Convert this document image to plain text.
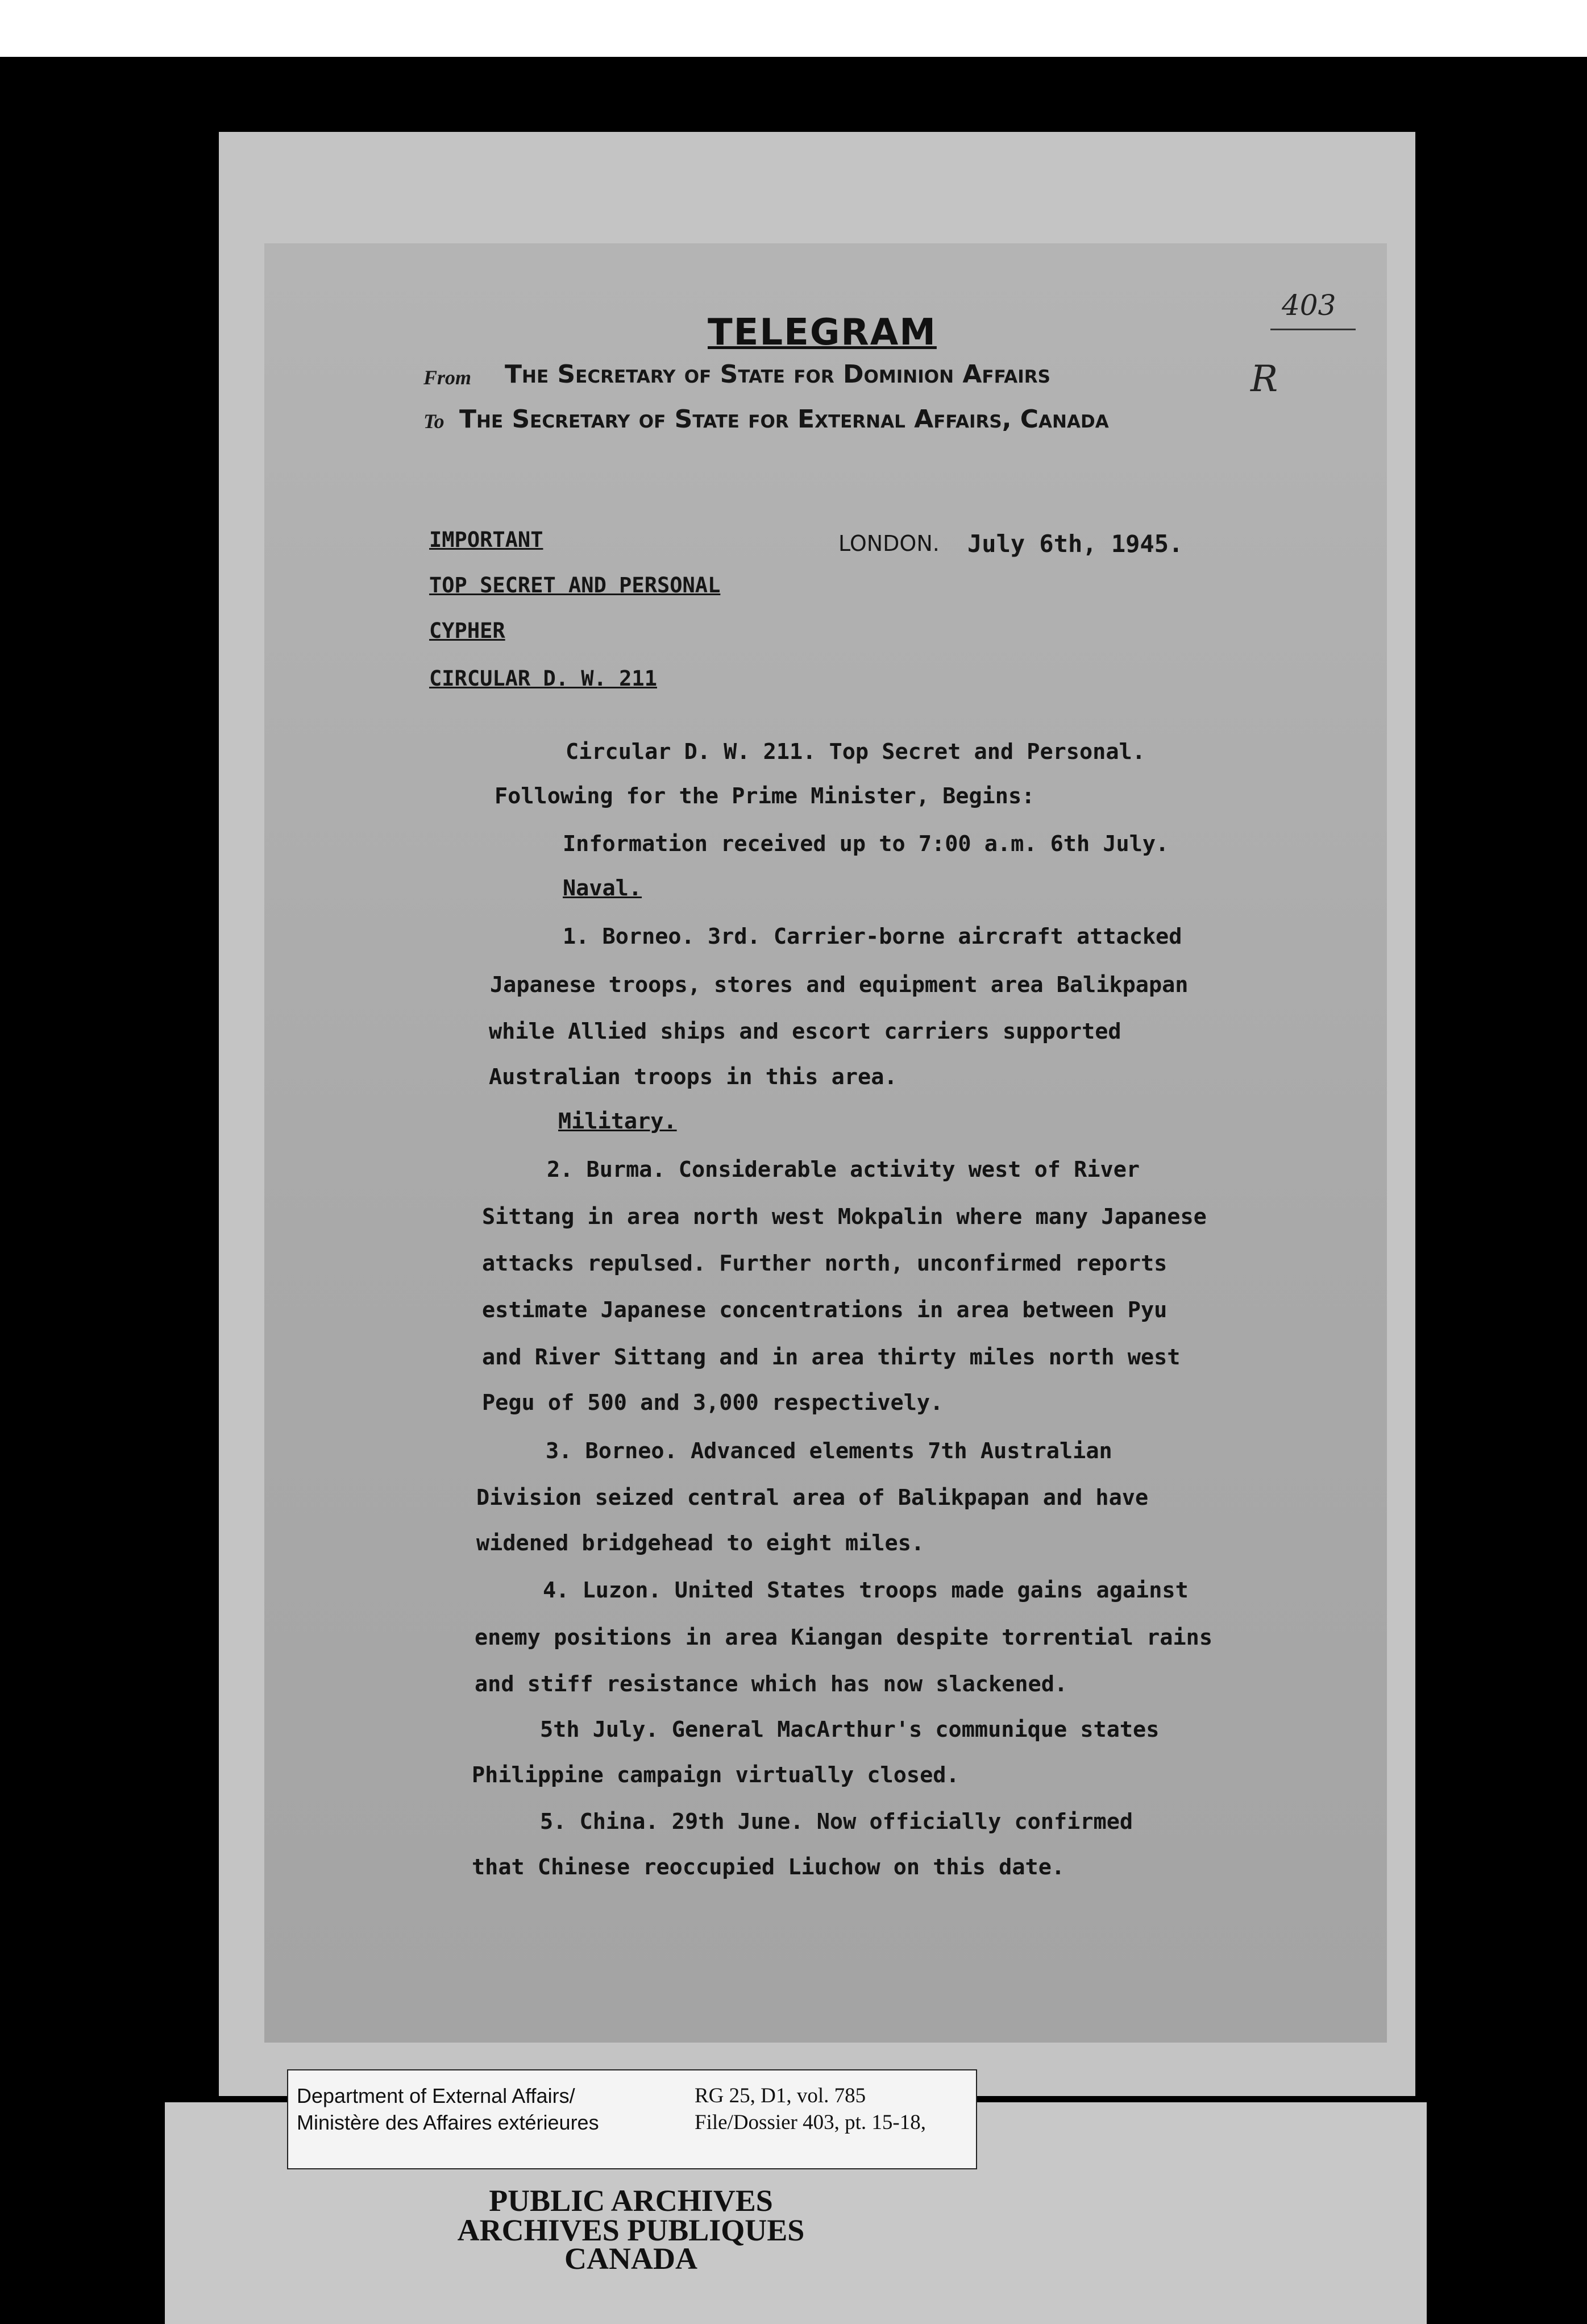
TELEGRAM
From The Secretary of State for Dominion Affairs
To The Secretary of State for External Affairs, Canada
403
R
LONDON. July 6th, 1945.
IMPORTANT
TOP SECRET AND PERSONAL
CYPHER
CIRCULAR D. W. 211
Circular D. W. 211. Top Secret and Personal.
Following for the Prime Minister, Begins:
Information received up to 7:00 a.m. 6th July.
Naval.
1. Borneo. 3rd. Carrier-borne aircraft attacked
Japanese troops, stores and equipment area Balikpapan
while Allied ships and escort carriers supported
Australian troops in this area.
Military.
2. Burma. Considerable activity west of River
Sittang in area north west Mokpalin where many Japanese
attacks repulsed. Further north, unconfirmed reports
estimate Japanese concentrations in area between Pyu
and River Sittang and in area thirty miles north west
Pegu of 500 and 3,000 respectively.
3. Borneo. Advanced elements 7th Australian
Division seized central area of Balikpapan and have
widened bridgehead to eight miles.
4. Luzon. United States troops made gains against
enemy positions in area Kiangan despite torrential rains
and stiff resistance which has now slackened.
5th July. General MacArthur's communique states
Philippine campaign virtually closed.
5. China. 29th June. Now officially confirmed
that Chinese reoccupied Liuchow on this date.
Department of External Affairs/
Ministère des Affaires extérieures
RG 25, D1, vol. 785
File/Dossier 403, pt. 15-18,
PUBLIC ARCHIVES
ARCHIVES PUBLIQUES
CANADA
